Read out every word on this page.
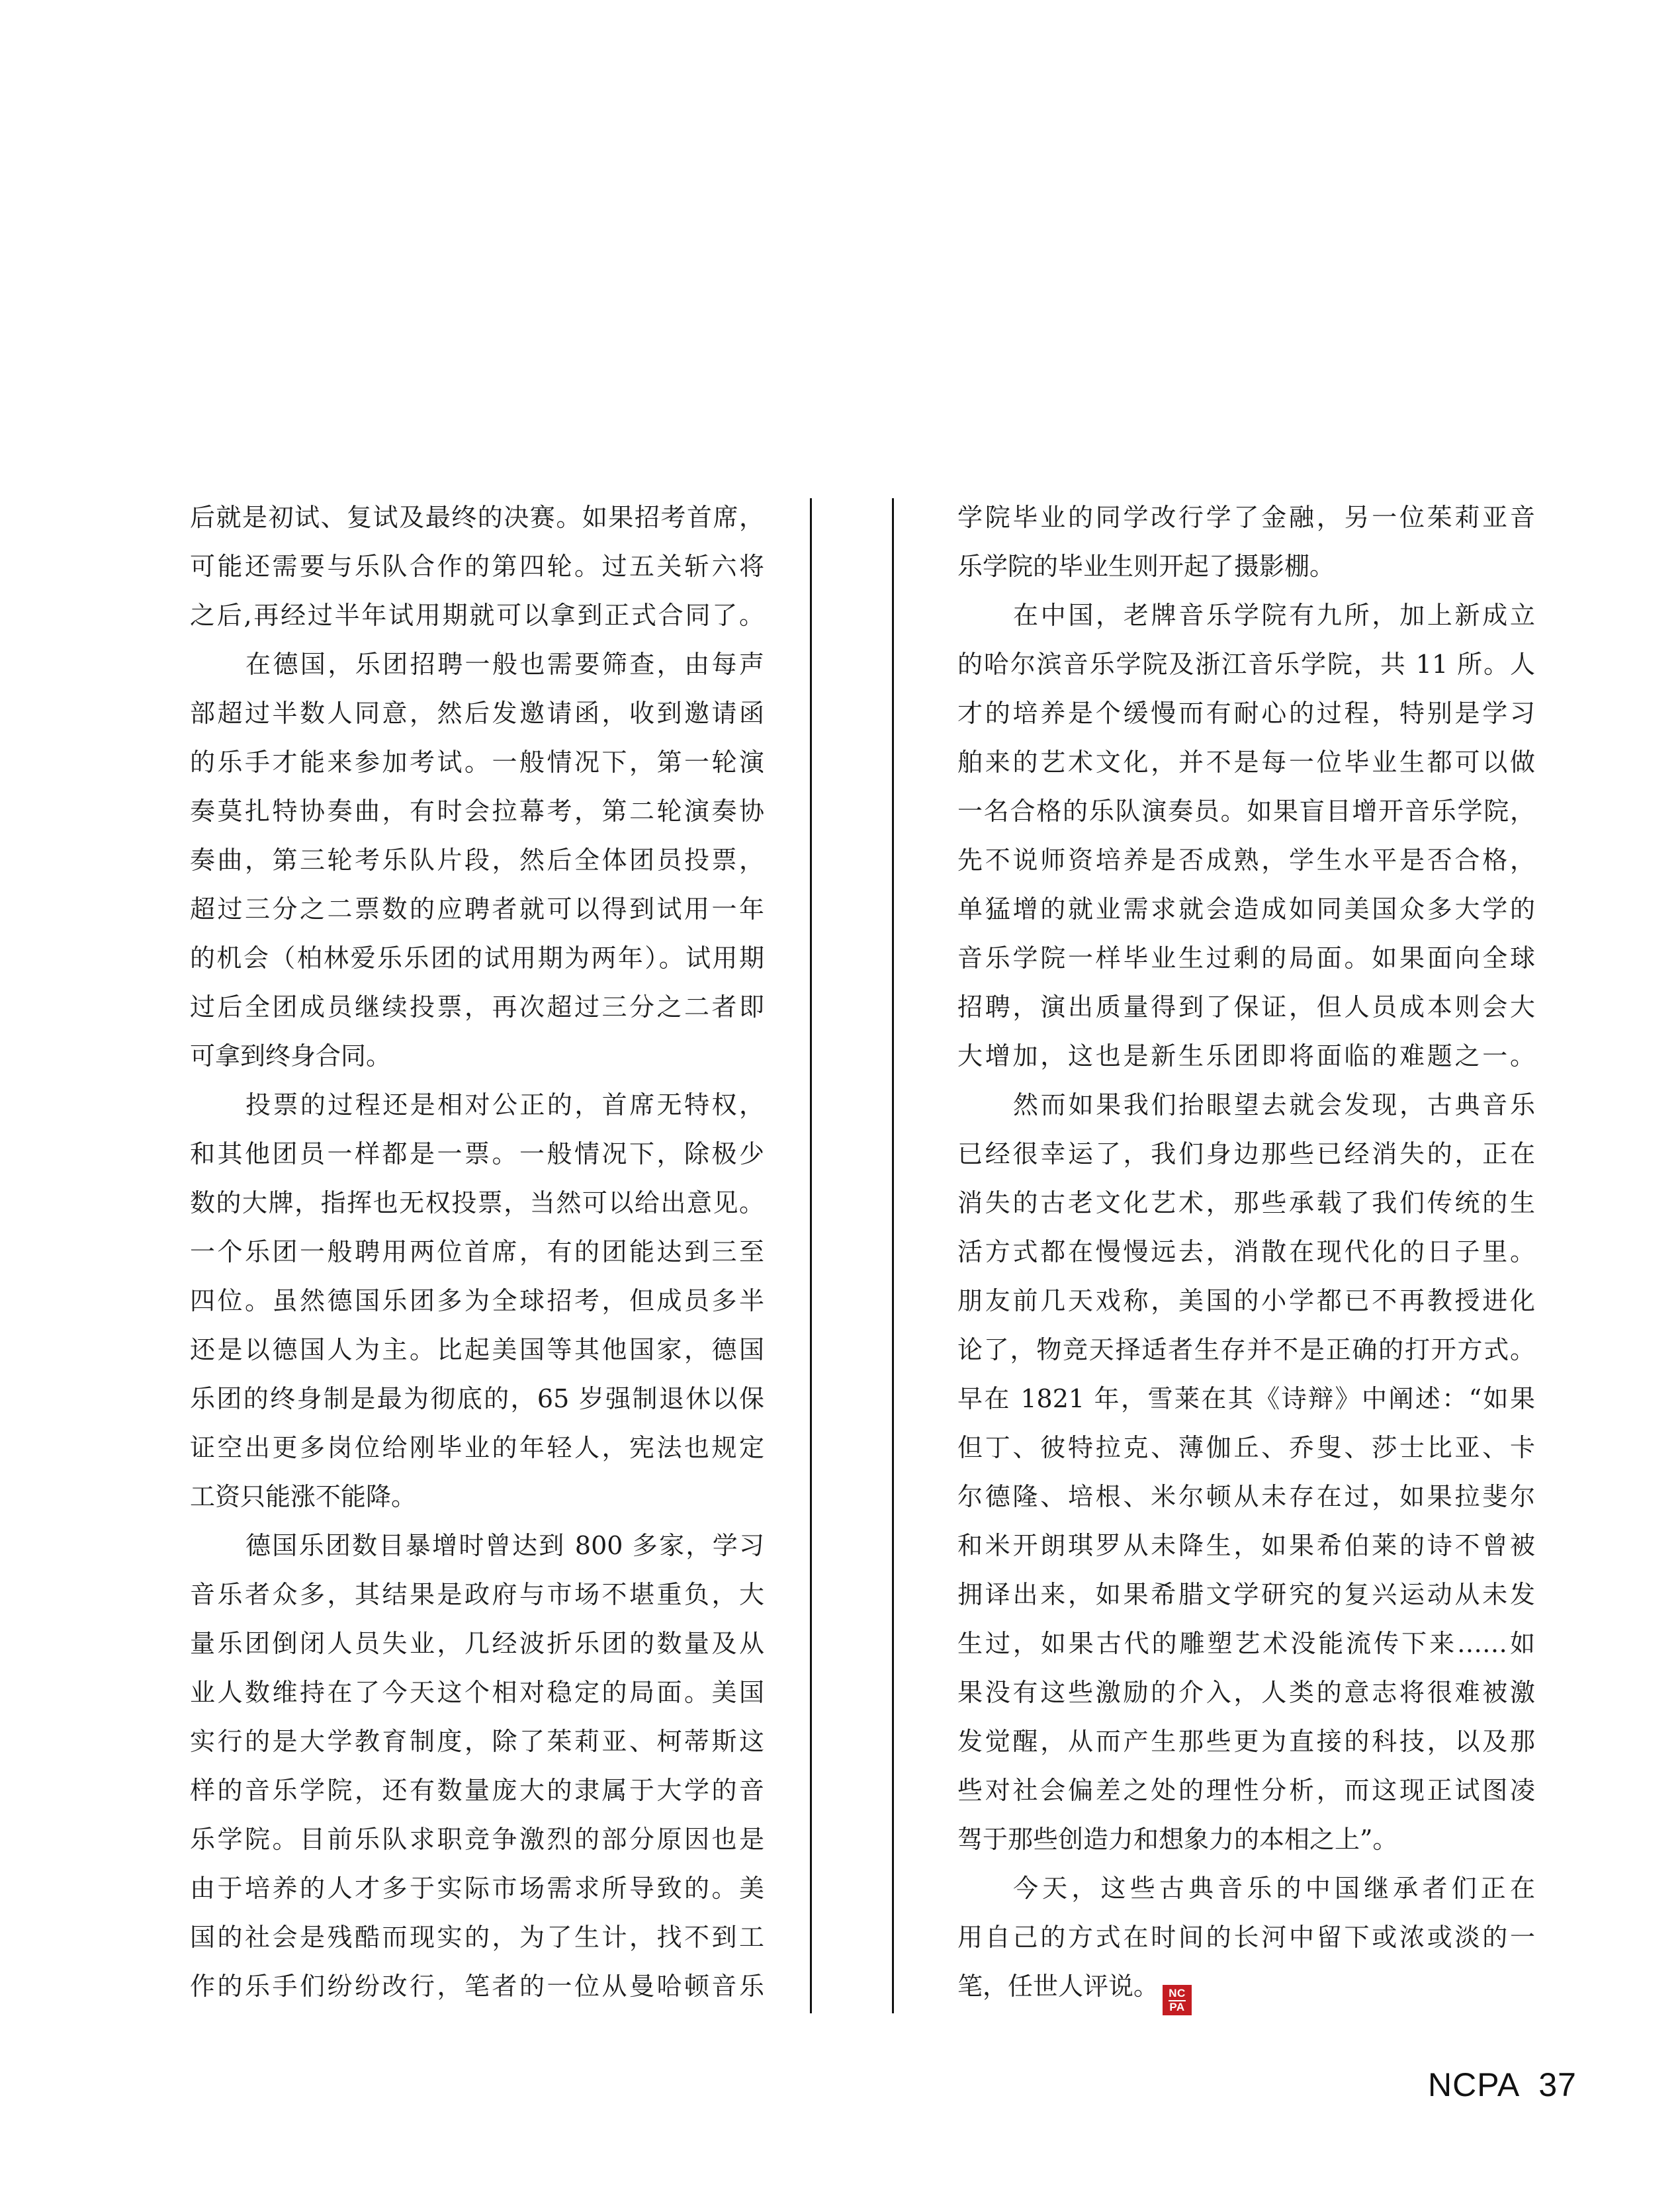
后就是初试、复试及最终的决赛。如果招考首席，
可能还需要与乐队合作的第四轮。过五关斩六将
之后,再经过半年试用期就可以拿到正式合同了。
在德国，乐团招聘一般也需要筛查，由每声
部超过半数人同意，然后发邀请函，收到邀请函
的乐手才能来参加考试。一般情况下，第一轮演
奏莫扎特协奏曲，有时会拉幕考，第二轮演奏协
奏曲，第三轮考乐队片段，然后全体团员投票，
超过三分之二票数的应聘者就可以得到试用一年
的机会（柏林爱乐乐团的试用期为两年）。试用期
过后全团成员继续投票，再次超过三分之二者即
可拿到终身合同。
投票的过程还是相对公正的，首席无特权，
和其他团员一样都是一票。一般情况下，除极少
数的大牌，指挥也无权投票，当然可以给出意见。
一个乐团一般聘用两位首席，有的团能达到三至
四位。虽然德国乐团多为全球招考，但成员多半
还是以德国人为主。比起美国等其他国家，德国
乐团的终身制是最为彻底的，65 岁强制退休以保
证空出更多岗位给刚毕业的年轻人，宪法也规定
工资只能涨不能降。
德国乐团数目暴增时曾达到 800 多家，学习
音乐者众多，其结果是政府与市场不堪重负，大
量乐团倒闭人员失业，几经波折乐团的数量及从
业人数维持在了今天这个相对稳定的局面。美国
实行的是大学教育制度，除了茱莉亚、柯蒂斯这
样的音乐学院，还有数量庞大的隶属于大学的音
乐学院。目前乐队求职竞争激烈的部分原因也是
由于培养的人才多于实际市场需求所导致的。美
国的社会是残酷而现实的，为了生计，找不到工
作的乐手们纷纷改行，笔者的一位从曼哈顿音乐
学院毕业的同学改行学了金融，另一位茱莉亚音
乐学院的毕业生则开起了摄影棚。
在中国，老牌音乐学院有九所，加上新成立
的哈尔滨音乐学院及浙江音乐学院，共 11 所。人
才的培养是个缓慢而有耐心的过程，特别是学习
舶来的艺术文化，并不是每一位毕业生都可以做
一名合格的乐队演奏员。如果盲目增开音乐学院，
先不说师资培养是否成熟，学生水平是否合格，
单猛增的就业需求就会造成如同美国众多大学的
音乐学院一样毕业生过剩的局面。如果面向全球
招聘，演出质量得到了保证，但人员成本则会大
大增加，这也是新生乐团即将面临的难题之一。
然而如果我们抬眼望去就会发现，古典音乐
已经很幸运了，我们身边那些已经消失的，正在
消失的古老文化艺术，那些承载了我们传统的生
活方式都在慢慢远去，消散在现代化的日子里。
朋友前几天戏称，美国的小学都已不再教授进化
论了，物竞天择适者生存并不是正确的打开方式。
早在 1821 年，雪莱在其《诗辩》中阐述：“如果
但丁、彼特拉克、薄伽丘、乔叟、莎士比亚、卡
尔德隆、培根、米尔顿从未存在过，如果拉斐尔
和米开朗琪罗从未降生，如果希伯莱的诗不曾被
拥译出来，如果希腊文学研究的复兴运动从未发
生过，如果古代的雕塑艺术没能流传下来……如
果没有这些激励的介入，人类的意志将很难被激
发觉醒，从而产生那些更为直接的科技，以及那
些对社会偏差之处的理性分析，而这现正试图凌
驾于那些创造力和想象力的本相之上”。
今天，这些古典音乐的中国继承者们正在
用自己的方式在时间的长河中留下或浓或淡的一
笔，任世人评说。 NC
PA
NCPA 37
